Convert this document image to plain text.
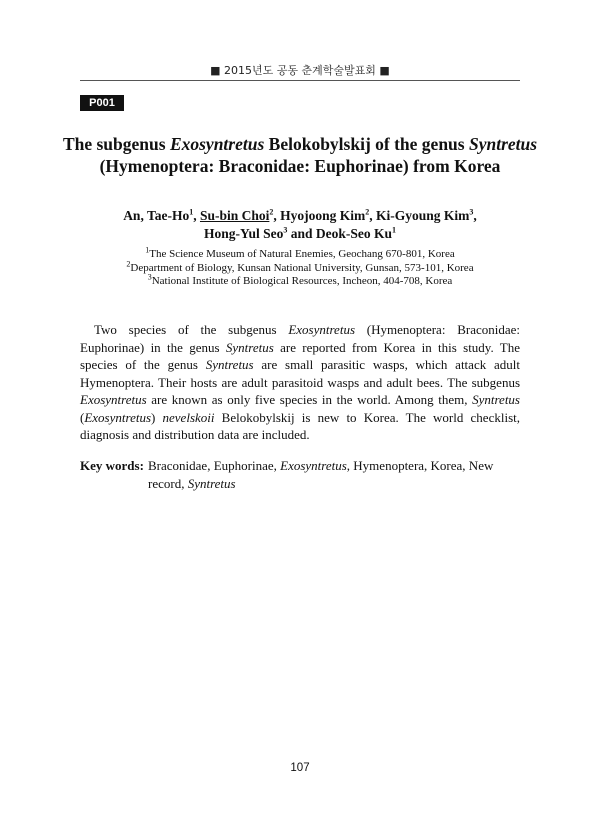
■ 2015년도 공동 춘계학술발표회 ■
P001
The subgenus Exosyntretus Belokobylskij of the genus Syntretus
(Hymenoptera: Braconidae: Euphorinae) from Korea
An, Tae-Ho$^1$, Su-bin Choi$^2$, Hyojoong Kim$^2$, Ki-Gyoung Kim$^3$,
Hong-Yul Seo$^3$ and Deok-Seo Ku$^1$
$^1$The Science Museum of Natural Enemies, Geochang 670-801, Korea
$^2$Department of Biology, Kunsan National University, Gunsan, 573-101, Korea
$^3$National Institute of Biological Resources, Incheon, 404-708, Korea
Two species of the subgenus Exosyntretus (Hymenoptera: Braconidae: Euphorinae) in the genus Syntretus are reported from Korea in this study. The species of the genus Syntretus are small parasitic wasps, which attack adult Hymenoptera. Their hosts are adult parasitoid wasps and adult bees. The subgenus Exosyntretus are known as only five species in the world. Among them, Syntretus (Exosyntretus) nevelskoii Belokobylskij is new to Korea. The world checklist, diagnosis and distribution data are included.
Key words: Braconidae, Euphorinae, Exosyntretus, Hymenoptera, Korea, New record, Syntretus
107
